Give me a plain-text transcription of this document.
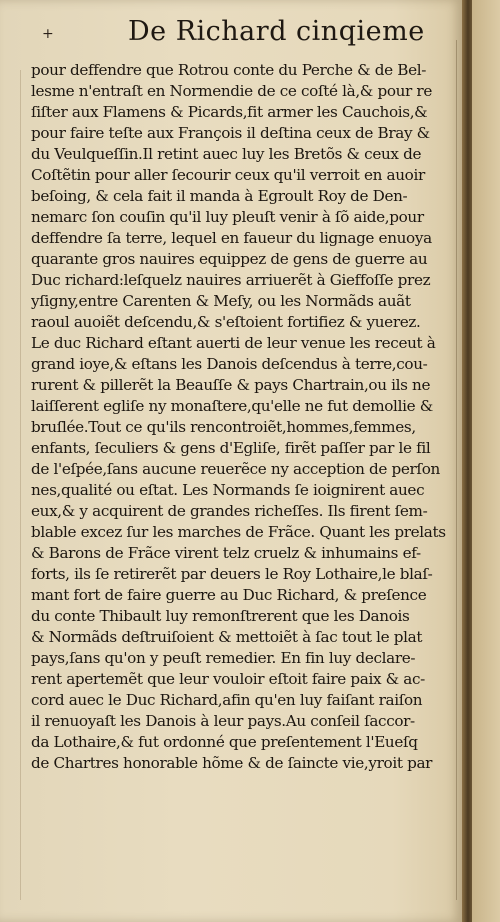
+	De Richard cinqieme
pour deffendre que Rotrou conte du Perche & de Bel-
lesme n'entraſt en Normendie de ce coſté là,& pour re
ſiſter aux Flamens & Picards,fit armer les Cauchois,&
pour faire teſte aux François il deſtina ceux de Bray &
du Veulqueſſin.Il retint auec luy les Bretõs & ceux de
Coſtẽtin pour aller ſecourir ceux qu'il verroit en auoir
beſoing, & cela fait il manda à Egroult Roy de Den-
nemarc ſon couſin qu'il luy pleuſt venir à ſõ aide,pour
deffendre ſa terre, lequel en faueur du lignage enuoya
quarante gros nauires equippez de gens de guerre au
Duc richard:leſquelz nauires arriuerẽt à Gieffoſſe prez
yſigny,entre Carenten & Meſy, ou les Normãds auãt
raoul auoiẽt deſcendu,& s'eſtoient fortifiez & yuerez.
Le duc Richard eſtant auerti de leur venue les receut à
grand ioye,& eſtans les Danois deſcendus à terre,cou-
rurent & pillerẽt la Beauſſe & pays Chartrain,ou ils ne
laiſſerent egliſe ny monaſtere,qu'elle ne fut demollie &
bruſlée.Tout ce qu'ils rencontroiẽt,hommes,femmes,
enfants, ſeculiers & gens d'Egliſe, firẽt paſſer par le fil
de l'eſpée,ſans aucune reuerẽce ny acception de perſon
nes,qualité ou eſtat. Les Normands ſe ioignirent auec
eux,& y acquirent de grandes richeſſes. Ils firent ſem-
blable excez ſur les marches de Frãce. Quant les prelats
& Barons de Frãce virent telz cruelz & inhumains ef-
forts, ils ſe retirerẽt par deuers le Roy Lothaire,le blaſ-
mant fort de faire guerre au Duc Richard, & preſence
du conte Thibault luy remonſtrerent que les Danois
& Normãds deſtruiſoient & mettoiẽt à ſac tout le plat
pays,ſans qu'on y peuſt remedier. En fin luy declare-
rent apertemẽt que leur vouloir eſtoit faire paix & ac-
cord auec le Duc Richard,afin qu'en luy faiſant raiſon
il renuoyaſt les Danois à leur pays.Au conſeil ſaccor-
da Lothaire,& fut ordonné que preſentement l'Eueſq
de Chartres honorable hõme & de ſaincte vie,yroit par
